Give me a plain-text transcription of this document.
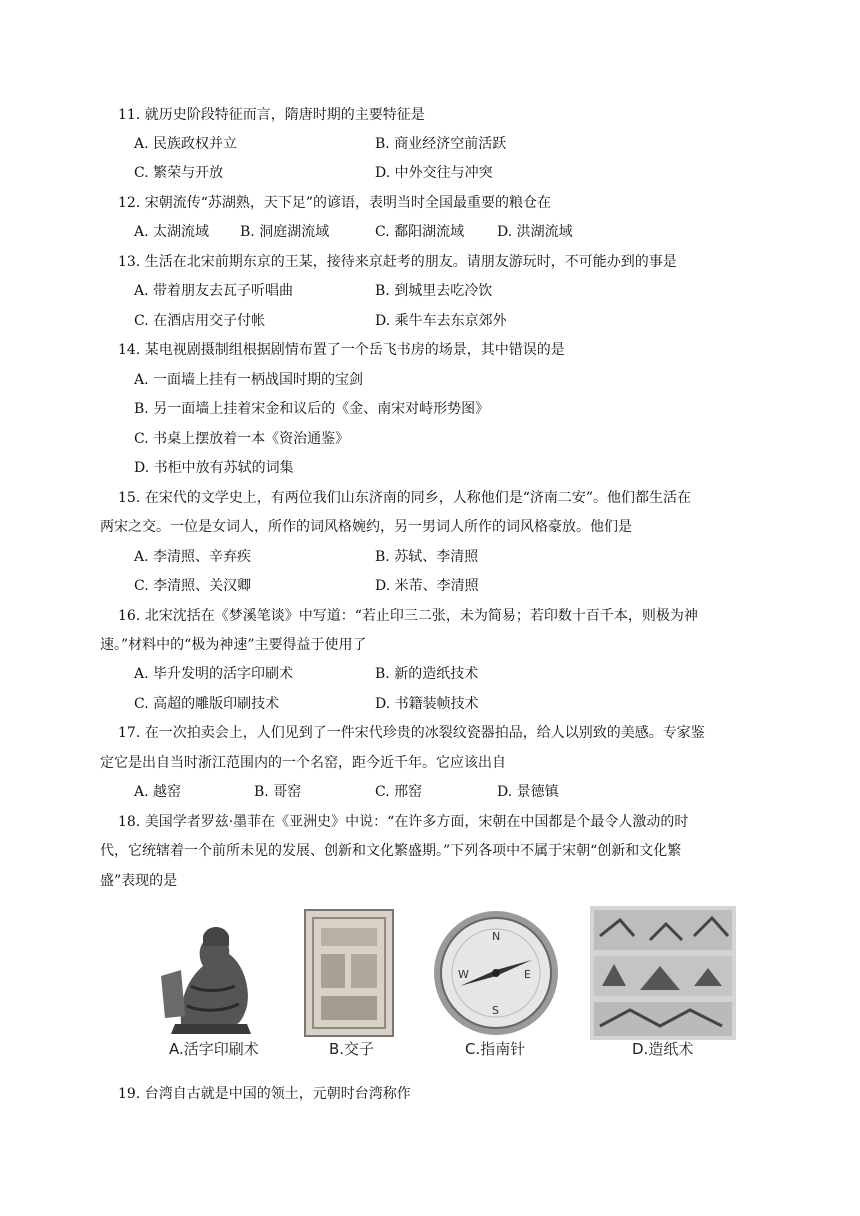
11. 就历史阶段特征而言，隋唐时期的主要特征是
A. 民族政权并立	B. 商业经济空前活跃
C. 繁荣与开放	D. 中外交往与冲突
12. 宋朝流传“苏湖熟，天下足”的谚语，表明当时全国最重要的粮仓在
A. 太湖流域 B. 洞庭湖流域	C. 鄱阳湖流域 D. 洪湖流域
13. 生活在北宋前期东京的王某，接待来京赶考的朋友。请朋友游玩时，不可能办到的事是
A. 带着朋友去瓦子听唱曲	B. 到城里去吃冷饮
C. 在酒店用交子付帐	D. 乘牛车去东京郊外
14. 某电视剧摄制组根据剧情布置了一个岳飞书房的场景，其中错误的是
A. 一面墙上挂有一柄战国时期的宝剑
B. 另一面墙上挂着宋金和议后的《金、南宋对峙形势图》
C. 书桌上摆放着一本《资治通鉴》
D. 书柜中放有苏轼的词集
15. 在宋代的文学史上，有两位我们山东济南的同乡，人称他们是“济南二安”。他们都生活在
两宋之交。一位是女词人，所作的词风格婉约，另一男词人所作的词风格豪放。他们是
A. 李清照、辛弃疾	B. 苏轼、李清照
C. 李清照、关汉卿	D. 米芾、李清照
16. 北宋沈括在《梦溪笔谈》中写道：“若止印三二张，未为简易；若印数十百千本，则极为神
速。”材料中的“极为神速”主要得益于使用了
A. 毕升发明的活字印刷术	B. 新的造纸技术
C. 高超的雕版印刷技术	D. 书籍装帧技术
17. 在一次拍卖会上，人们见到了一件宋代珍贵的冰裂纹瓷器拍品，给人以别致的美感。专家鉴
定它是出自当时浙江范围内的一个名窑，距今近千年。它应该出自
A. 越窑	B. 哥窑	C. 邢窑	D. 景德镇
18. 美国学者罗兹·墨菲在《亚洲史》中说：“在许多方面，宋朝在中国都是个最令人激动的时
代，它统辖着一个前所未见的发展、创新和文化繁盛期。”下列各项中不属于宋朝“创新和文化繁
盛”表现的是
N
E
S
W
A.活字印刷术	B.交子	C.指南针	D.造纸术
19. 台湾自古就是中国的领土，元朝时台湾称作
